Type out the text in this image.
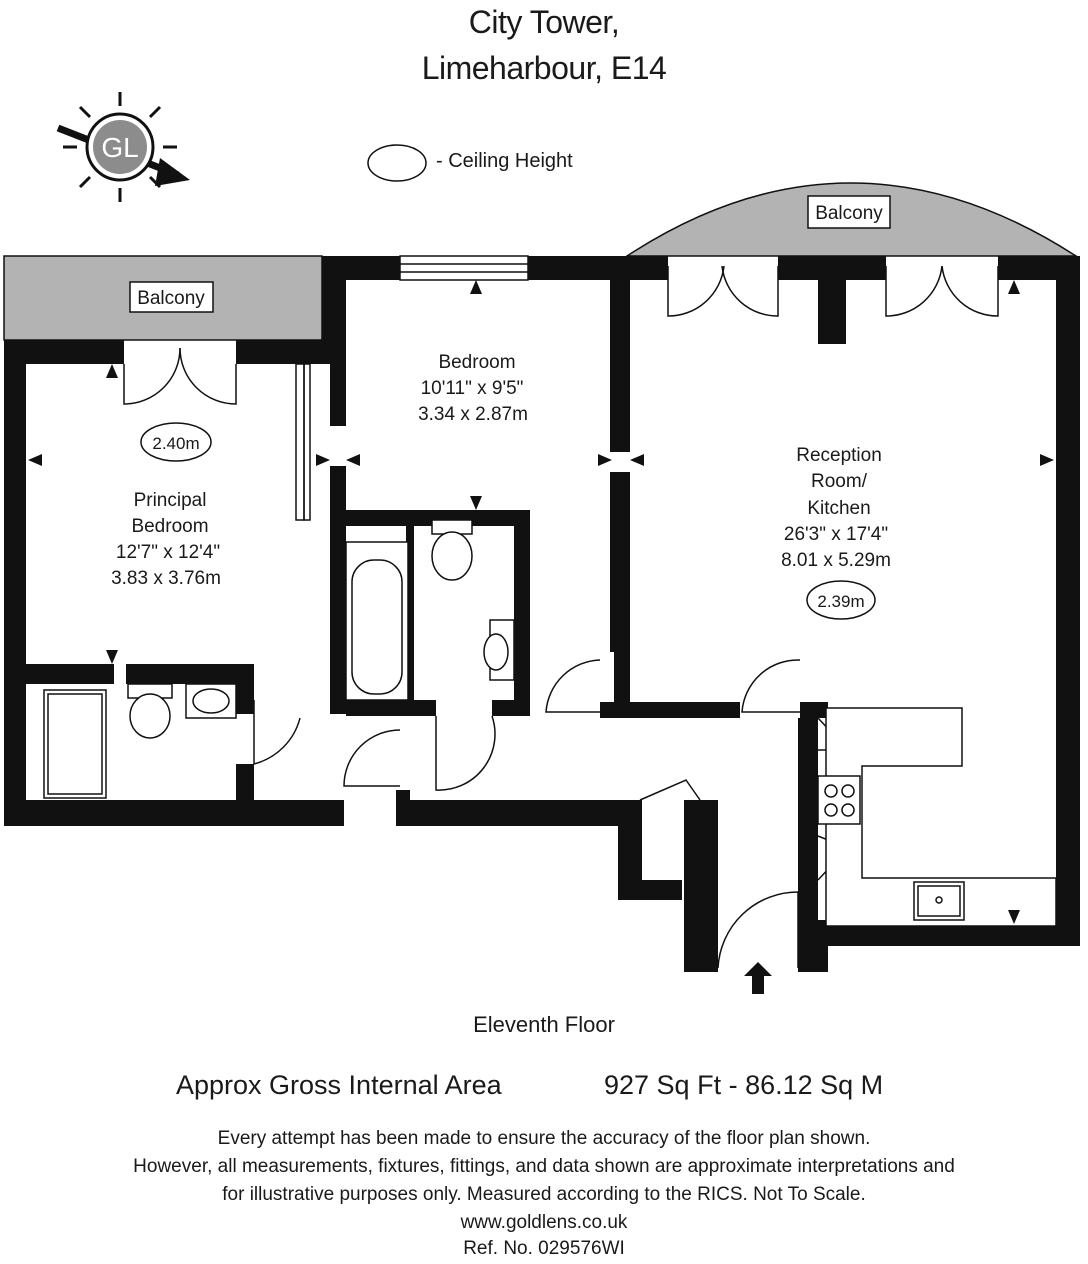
City Tower,
Limeharbour, E14
- Ceiling Height
GL
Balcony
Balcony
2.40m
Principal
Bedroom
12'7" x 12'4"
3.83 x 3.76m
Bedroom
10'11" x 9'5"
3.34 x 2.87m
Reception
Room/
Kitchen
26'3" x 17'4"
8.01 x 5.29m
2.39m
Eleventh Floor
Approx Gross Internal Area	927 Sq Ft - 86.12 Sq M
Every attempt has been made to ensure the accuracy of the floor plan shown.
However, all measurements, fixtures, fittings, and data shown are approximate interpretations and
for illustrative purposes only. Measured according to the RICS. Not To Scale.
www.goldlens.co.uk
Ref. No. 029576WI
